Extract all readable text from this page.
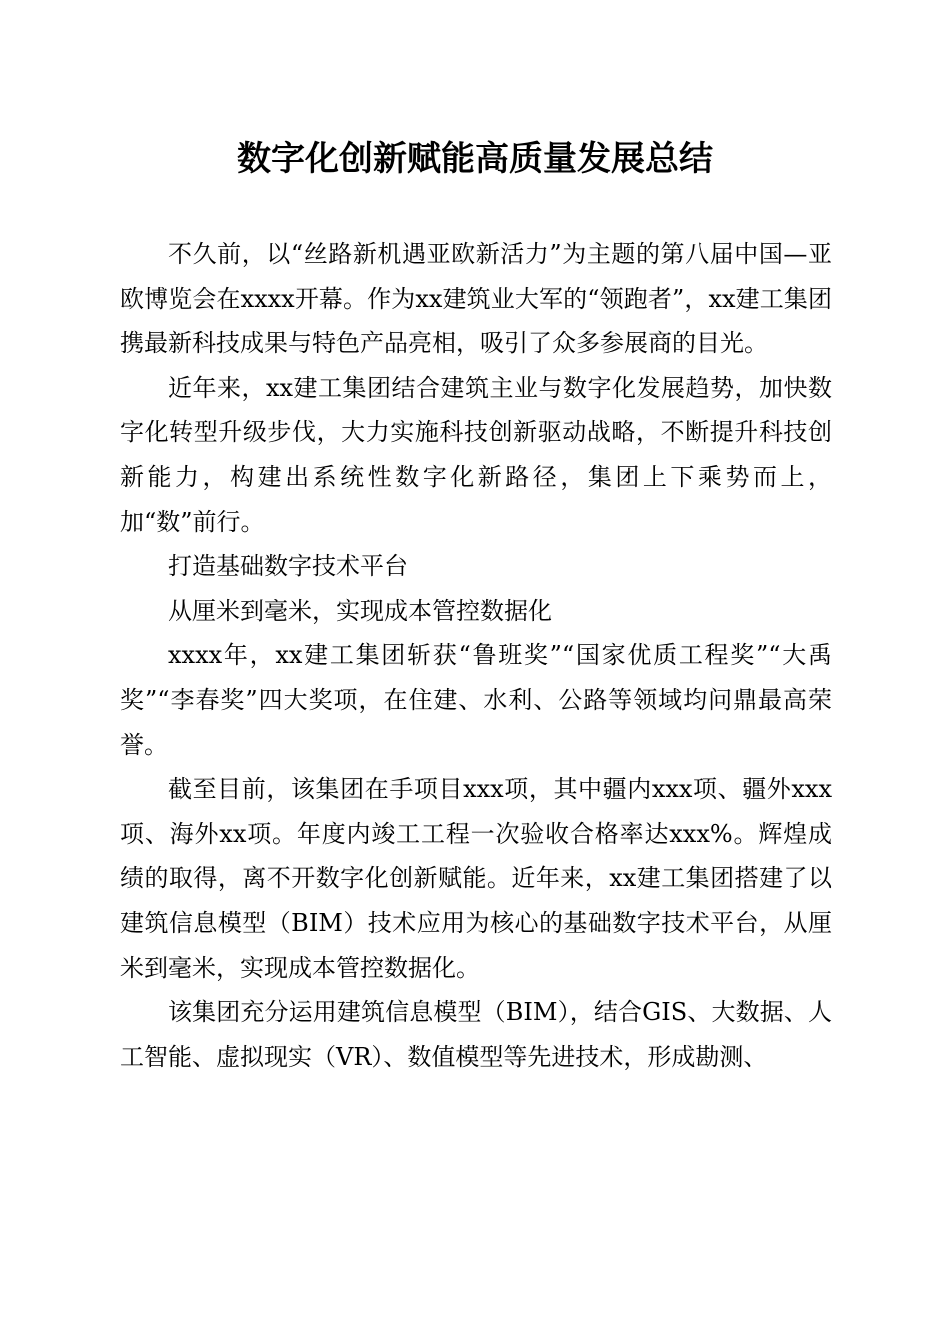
数字化创新赋能高质量发展总结

不久前，以“丝路新机遇亚欧新活力”为主题的第八届中国—亚欧博览会在xxxx开幕。作为xx建筑业大军的“领跑者”，xx建工集团携最新科技成果与特色产品亮相，吸引了众多参展商的目光。

近年来，xx建工集团结合建筑主业与数字化发展趋势，加快数字化转型升级步伐，大力实施科技创新驱动战略，不断提升科技创新能力，构建出系统性数字化新路径，集团上下乘势而上，加“数”前行。

打造基础数字技术平台

从厘米到毫米，实现成本管控数据化

xxxx年，xx建工集团斩获“鲁班奖”“国家优质工程奖”“大禹奖”“李春奖”四大奖项，在住建、水利、公路等领域均问鼎最高荣誉。

截至目前，该集团在手项目xxx项，其中疆内xxx项、疆外xxx项、海外xx项。年度内竣工工程一次验收合格率达xxx%。辉煌成绩的取得，离不开数字化创新赋能。近年来，xx建工集团搭建了以建筑信息模型（BIM）技术应用为核心的基础数字技术平台，从厘米到毫米，实现成本管控数据化。

该集团充分运用建筑信息模型（BIM），结合GIS、大数据、人工智能、虚拟现实（VR）、数值模型等先进技术，形成勘测、
